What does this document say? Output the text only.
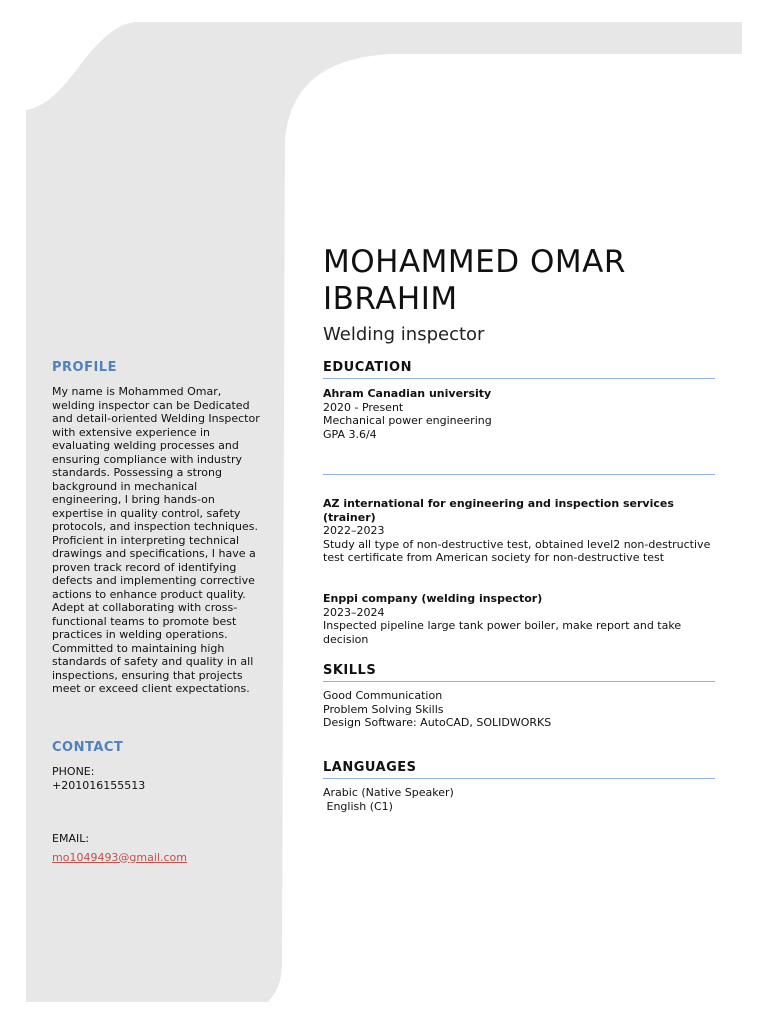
PROFILE

My name is Mohammed Omar, welding inspector can be Dedicated and detail-oriented Welding Inspector with extensive experience in evaluating welding processes and ensuring compliance with industry standards. Possessing a strong background in mechanical engineering, I bring hands-on expertise in quality control, safety protocols, and inspection techniques. Proficient in interpreting technical drawings and specifications, I have a proven track record of identifying defects and implementing corrective actions to enhance product quality. Adept at collaborating with cross-functional teams to promote best practices in welding operations. Committed to maintaining high standards of safety and quality in all inspections, ensuring that projects meet or exceed client expectations.

CONTACT

PHONE:

+201016155513

EMAIL:

mo1049493@gmail.com
MOHAMMED OMAR IBRAHIM

Welding inspector

EDUCATION

Ahram Canadian university

2020 - Present

Mechanical power engineering

GPA 3.6/4

AZ international for engineering and inspection services (trainer)

2022–2023

Study all type of non-destructive test, obtained level2 non-destructive test certificate from American society for non-destructive test

Enppi company (welding inspector)

2023–2024

Inspected pipeline large tank power boiler, make report and take decision

SKILLS

Good Communication

Problem Solving Skills

Design Software: AutoCAD, SOLIDWORKS

LANGUAGES

Arabic (Native Speaker)

English (C1)
